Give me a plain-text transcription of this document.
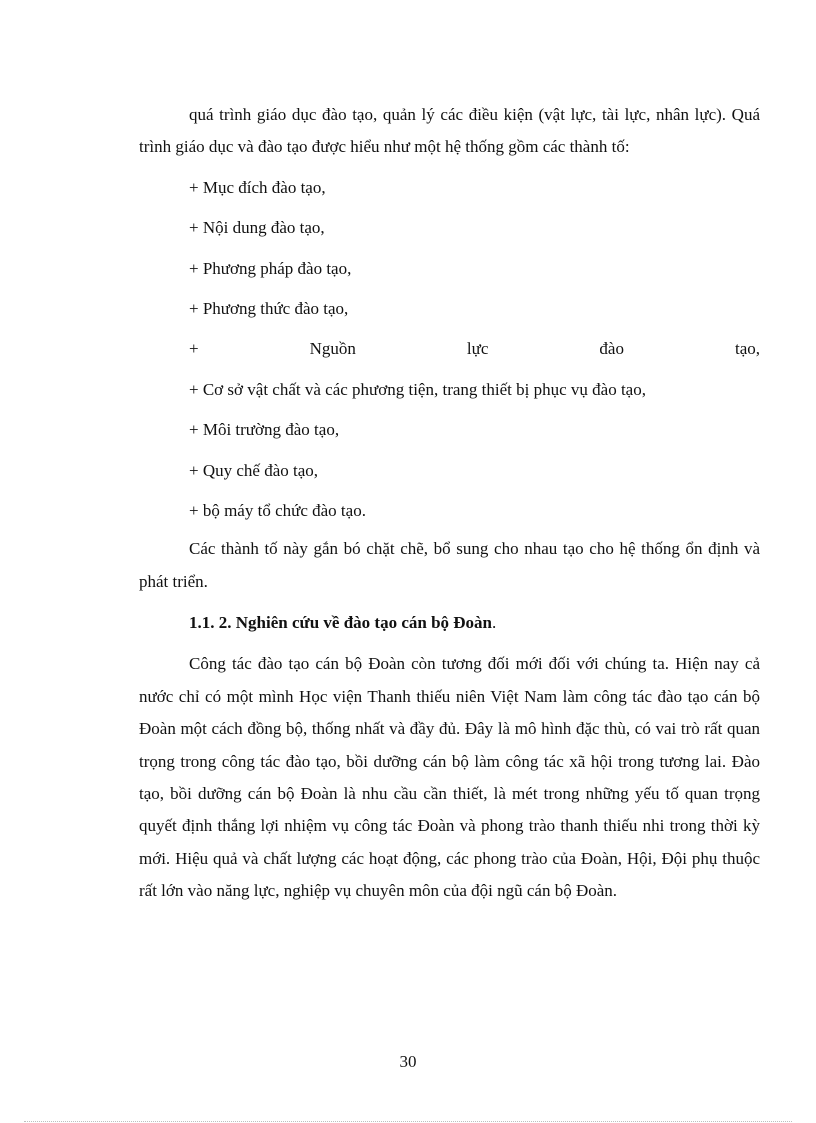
quá trình giáo dục đào tạo, quản lý các điều kiện (vật lực, tài lực, nhân lực). Quá trình giáo dục và đào tạo được hiểu như một hệ thống gồm các thành tố:

+ Mục đích đào tạo,
+ Nội dung đào tạo,
+ Phương pháp đào tạo,
+ Phương thức đào tạo,
+	Nguồn	lực	đào	tạo,
+ Cơ sở vật chất và các phương tiện, trang thiết bị phục vụ đào tạo,
+ Môi trường đào tạo,
+ Quy chế đào tạo,
+ bộ máy tổ chức đào tạo.

Các thành tố này gắn bó chặt chẽ, bổ sung cho nhau tạo cho hệ thống ổn định và phát triển.

1.1. 2. Nghiên cứu về đào tạo cán bộ Đoàn.

Công tác đào tạo cán bộ Đoàn còn tương đối mới đối với chúng ta. Hiện nay cả nước chỉ có một mình Học viện Thanh thiếu niên Việt Nam làm công tác đào tạo cán bộ Đoàn một cách đồng bộ, thống nhất và đầy đủ. Đây là mô hình đặc thù, có vai trò rất quan trọng trong công tác đào tạo, bồi dưỡng cán bộ làm công tác xã hội trong tương lai. Đào tạo, bồi dưỡng cán bộ Đoàn là nhu cầu cần thiết, là mét trong những yếu tố quan trọng quyết định thắng lợi nhiệm vụ công tác Đoàn và phong trào thanh thiếu nhi trong thời kỳ mới. Hiệu quả và chất lượng các hoạt động, các phong trào của Đoàn, Hội, Đội phụ thuộc rất lớn vào năng lực, nghiệp vụ chuyên môn của đội ngũ cán bộ Đoàn.

30
